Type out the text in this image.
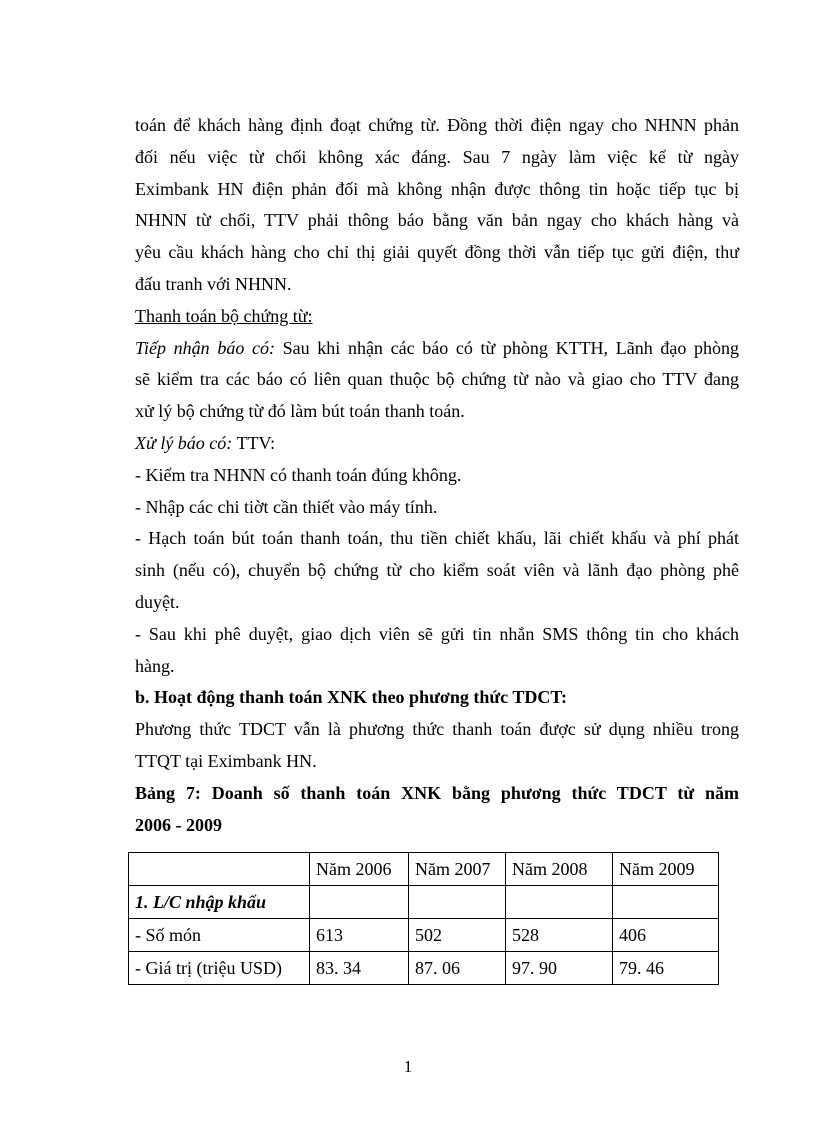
toán để khách hàng định đoạt chứng từ. Đồng thời điện ngay cho NHNN phản

đối nếu việc từ chối không xác đáng. Sau 7 ngày làm việc kể từ ngày

Eximbank HN điện phản đối mà không nhận được thông tin hoặc tiếp tục bị

NHNN từ chối, TTV phải thông báo bằng văn bản ngay cho khách hàng và

yêu cầu khách hàng cho chỉ thị giải quyết đồng thời vẫn tiếp tục gửi điện, thư

đấu tranh với NHNN.

Thanh toán bộ chứng từ:

Tiếp nhận báo có: Sau khi nhận các báo có từ phòng KTTH, Lãnh đạo phòng

sẽ kiểm tra các báo có liên quan thuộc bộ chứng từ nào và giao cho TTV đang

xử lý bộ chứng từ đó làm bút toán thanh toán.

Xử lý báo có: TTV:

- Kiểm tra NHNN có thanh toán đúng không.

- Nhập các chi tiờt cần thiết vào máy tính.

- Hạch toán bút toán thanh toán, thu tiền chiết khấu, lãi chiết khấu và phí phát

sinh (nếu có), chuyển bộ chứng từ cho kiểm soát viên và lãnh đạo phòng phê

duyệt.

- Sau khi phê duyệt, giao dịch viên sẽ gửi tin nhắn SMS thông tin cho khách

hàng.

b. Hoạt động thanh toán XNK theo phương thức TDCT:

Phương thức TDCT vẫn là phương thức thanh toán được sử dụng nhiều trong

TTQT tại Eximbank HN.

Bảng 7: Doanh số thanh toán XNK bằng phương thức TDCT từ năm

2006 - 2009

	Năm 2006	Năm 2007	Năm 2008	Năm 2009
1. L/C nhập khẩu				
- Số món	613	502	528	406
- Giá trị (triệu USD)	83. 34	87. 06	97. 90	79. 46
1
